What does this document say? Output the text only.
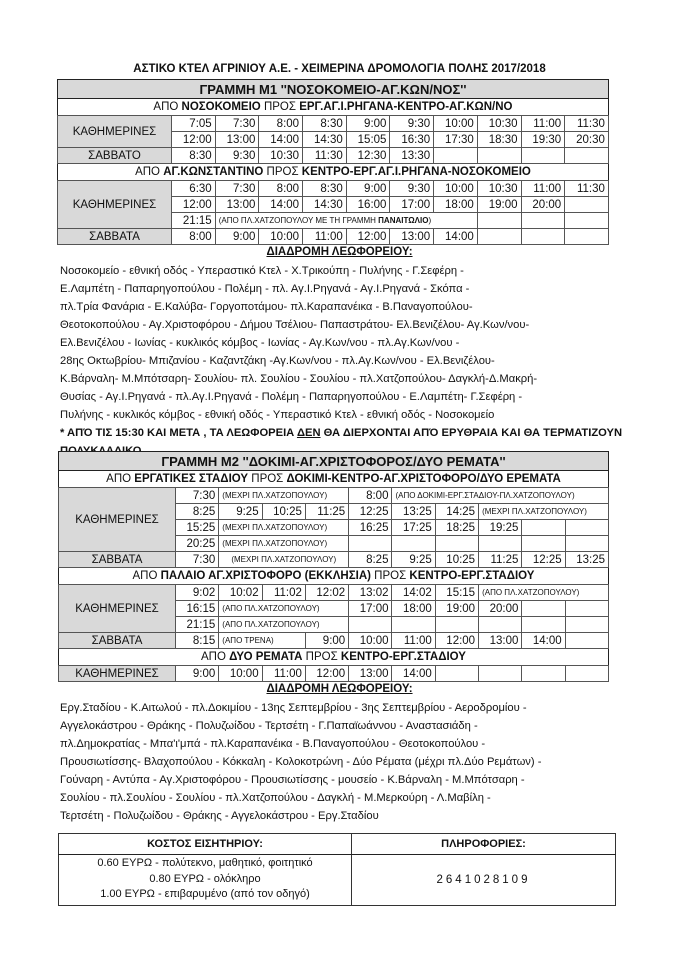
ΑΣΤΙΚΟ ΚΤΕΛ ΑΓΡΙΝΙΟΥ Α.Ε. - ΧΕΙΜΕΡΙΝΑ ΔΡΟΜΟΛΟΓΙΑ ΠΟΛΗΣ 2017/2018
ΓΡΑΜΜΗ Μ1 ''ΝΟΣΟΚΟΜΕΙΟ-ΑΓ.ΚΩΝ/ΝΟΣ''										
ΑΠΟ ΝΟΣΟΚΟΜΕΙΟ ΠΡΟΣ ΕΡΓ.ΑΓ.Ι.ΡΗΓΑΝΑ-ΚΕΝΤΡΟ-ΑΓ.ΚΩΝ/ΝΟ										
ΚΑΘΗΜΕΡΙΝΕΣ	7:05	7:30	8:00	8:30	9:00	9:30	10:00	10:30	11:00	11:30
	12:00	13:00	14:00	14:30	15:05	16:30	17:30	18:30	19:30	20:30
ΣΑΒΒΑΤΟ	8:30	9:30	10:30	11:30	12:30	13:30				
ΑΠΟ ΑΓ.ΚΩΝΣΤΑΝΤΙΝΟ ΠΡΟΣ ΚΕΝΤΡΟ-ΕΡΓ.ΑΓ.Ι.ΡΗΓΑΝΑ-ΝΟΣΟΚΟΜΕΙΟ										
ΚΑΘΗΜΕΡΙΝΕΣ	6:30	7:30	8:00	8:30	9:00	9:30	10:00	10:30	11:00	11:30
	12:00	13:00	14:00	14:30	16:00	17:00	18:00	19:00	20:00	
	21:15	(ΑΠΟ ΠΛ.ΧΑΤΖΟΠΟΥΛΟΥ ΜΕ ΤΗ ΓΡΑΜΜΗ ΠΑΝΑΙΤΩΛΙΟ)								
ΣΑΒΒΑΤΑ	8:00	9:00	10:00	11:00	12:00	13:00	14:00			
ΔΙΑΔΡΟΜΗ ΛΕΩΦΟΡΕΙΟΥ:
Νοσοκομείο - εθνική οδός - Υπεραστικό Κτελ - Χ.Τρικούπη - Πυλήνης - Γ.Σεφέρη -
Ε.Λαμπέτη - Παπαρηγοπούλου - Πολέμη - πλ. Αγ.Ι.Ρηγανά - Αγ.Ι.Ρηγανά - Σκόπα -
πλ.Τρία Φανάρια - Ε.Καλύβα- Γοργοποτάμου- πλ.Καραπανέικα - Β.Παναγοπούλου-
Θεοτοκοπούλου - Αγ.Χριστοφόρου - Δήμου Τσέλιου- Παπαστράτου- Ελ.Βενιζέλου- Αγ.Κων/νου-
Ελ.Βενιζέλου - Ιωνίας - κυκλικός κόμβος - Ιωνίας - Αγ.Κων/νου - πλ.Αγ.Κων/νου -
28ης Οκτωβρίου- Μπιζανίου - Καζαντζάκη -Αγ.Κων/νου - πλ.Αγ.Κων/νου - Ελ.Βενιζέλου-
Κ.Βάρναλη- Μ.Μπότσαρη- Σουλίου- πλ. Σουλίου - Σουλίου - πλ.Χατζοπούλου- Δαγκλή-Δ.Μακρή-
Θυσίας - Αγ.Ι.Ρηγανά - πλ.Αγ.Ι.Ρηγανά - Πολέμη - Παπαρηγοπούλου - Ε.Λαμπέτη- Γ.Σεφέρη -
Πυλήνης - κυκλικός κόμβος - εθνική οδός - Υπεραστικό Κτελ - εθνική οδός - Νοσοκομείο
* ΑΠΌ ΤΙΣ 15:30 ΚΑΙ ΜΕΤΑ , ΤΑ ΛΕΩΦΟΡΕΙΑ ΔΕΝ ΘΑ ΔΙΕΡΧΟΝΤΑΙ ΑΠΌ ΕΡΥΘΡΑΙΑ ΚΑΙ ΘΑ ΤΕΡΜΑΤΙΖΟΥΝ
ΓΡΑΜΜΗ Μ2 ''ΔΟΚΙΜΙ-ΑΓ.ΧΡΙΣΤΟΦΟΡΟΣ/ΔΥΟ ΡΕΜΑΤΑ''										
ΑΠΟ ΕΡΓΑΤΙΚΕΣ ΣΤΑΔΙΟΥ ΠΡΟΣ ΔΟΚΙΜΙ-ΚΕΝΤΡΟ-ΑΓ.ΧΡΙΣΤΟΦΟΡΟ/ΔΥΟ ΕΡΕΜΑΤΑ										
ΚΑΘΗΜΕΡΙΝΕΣ	7:30	(ΜΕΧΡΙ ΠΛ.ΧΑΤΖΟΠΟΥΛΟΥ)			8:00	(ΑΠΟ ΔΟΚΙΜΙ-ΕΡΓ.ΣΤΑΔΙΟΥ-ΠΛ.ΧΑΤΖΟΠΟΥΛΟΥ)				
	8:25	9:25	10:25	11:25	12:25	13:25	14:25	(ΜΕΧΡΙ ΠΛ.ΧΑΤΖΟΠΟΥΛΟΥ)		
	15:25	(ΜΕΧΡΙ ΠΛ.ΧΑΤΖΟΠΟΥΛΟΥ)			16:25	17:25	18:25	19:25		
	20:25	(ΜΕΧΡΙ ΠΛ.ΧΑΤΖΟΠΟΥΛΟΥ)								
ΣΑΒΒΑΤΑ	7:30	(ΜΕΧΡΙ ΠΛ.ΧΑΤΖΟΠΟΥΛΟΥ)			8:25	9:25	10:25	11:25	12:25	13:25
ΑΠΟ ΠΑΛΑΙΟ ΑΓ.ΧΡΙΣΤΟΦΟΡΟ (ΕΚΚΛΗΣΙΑ) ΠΡΟΣ ΚΕΝΤΡΟ-ΕΡΓ.ΣΤΑΔΙΟΥ										
ΚΑΘΗΜΕΡΙΝΕΣ	9:02	10:02	11:02	12:02	13:02	14:02	15:15	(ΑΠΟ ΠΛ.ΧΑΤΖΟΠΟΥΛΟΥ)		
	16:15	(ΑΠΟ ΠΛ.ΧΑΤΖΟΠΟΥΛΟΥ)			17:00	18:00	19:00	20:00		
	21:15	(ΑΠΟ ΠΛ.ΧΑΤΖΟΠΟΥΛΟΥ)								
ΣΑΒΒΑΤΑ	8:15	(ΑΠΟ ΤΡΕΝΑ)		9:00	10:00	11:00	12:00	13:00	14:00	
ΑΠΟ ΔΥΟ ΡΕΜΑΤΑ ΠΡΟΣ ΚΕΝΤΡΟ-ΕΡΓ.ΣΤΑΔΙΟΥ										
ΚΑΘΗΜΕΡΙΝΕΣ	9:00	10:00	11:00	12:00	13:00	14:00				
ΔΙΑΔΡΟΜΗ ΛΕΩΦΟΡΕΙΟΥ:
Εργ.Σταδίου - Κ.Αιτωλού - πλ.Δοκιμίου - 13ης Σεπτεμβρίου - 3ης Σεπτεμβρίου - Αεροδρομίου -
Αγγελοκάστρου - Θράκης - Πολυζωίδου - Τερτσέτη - Γ.Παπαϊωάννου - Αναστασιάδη -
πλ.Δημοκρατίας - Μπα'ι'μπά - πλ.Καραπανέικα - Β.Παναγοπούλου - Θεοτοκοπούλου -
Προυσιωτίσσης- Βλαχοπούλου - Κόκκαλη - Κολοκοτρώνη - Δύο Ρέματα (μέχρι πλ.Δύο Ρεμάτων) -
Γούναρη - Αντύπα - Αγ.Χριστοφόρου - Προυσιωτίσσης - μουσείο - Κ.Βάρναλη - Μ.Μπότσαρη -
Σουλίου - πλ.Σουλίου - Σουλίου - πλ.Χατζοπούλου - Δαγκλή - Μ.Μερκούρη - Λ.Μαβίλη -
Τερτσέτη - Πολυζωίδου - Θράκης - Αγγελοκάστρου - Εργ.Σταδίου
ΚΟΣΤΟΣ ΕΙΣΗΤΗΡΙΟΥ:	ΠΛΗΡΟΦΟΡΙΕΣ:

0.60 ΕΥΡΩ - πολύτεκνο, μαθητικό, φοιτητικό
0.80 ΕΥΡΩ - ολόκληρο
1.00 ΕΥΡΩ - επιβαρυμένο (από τον οδηγό)	2641028109
